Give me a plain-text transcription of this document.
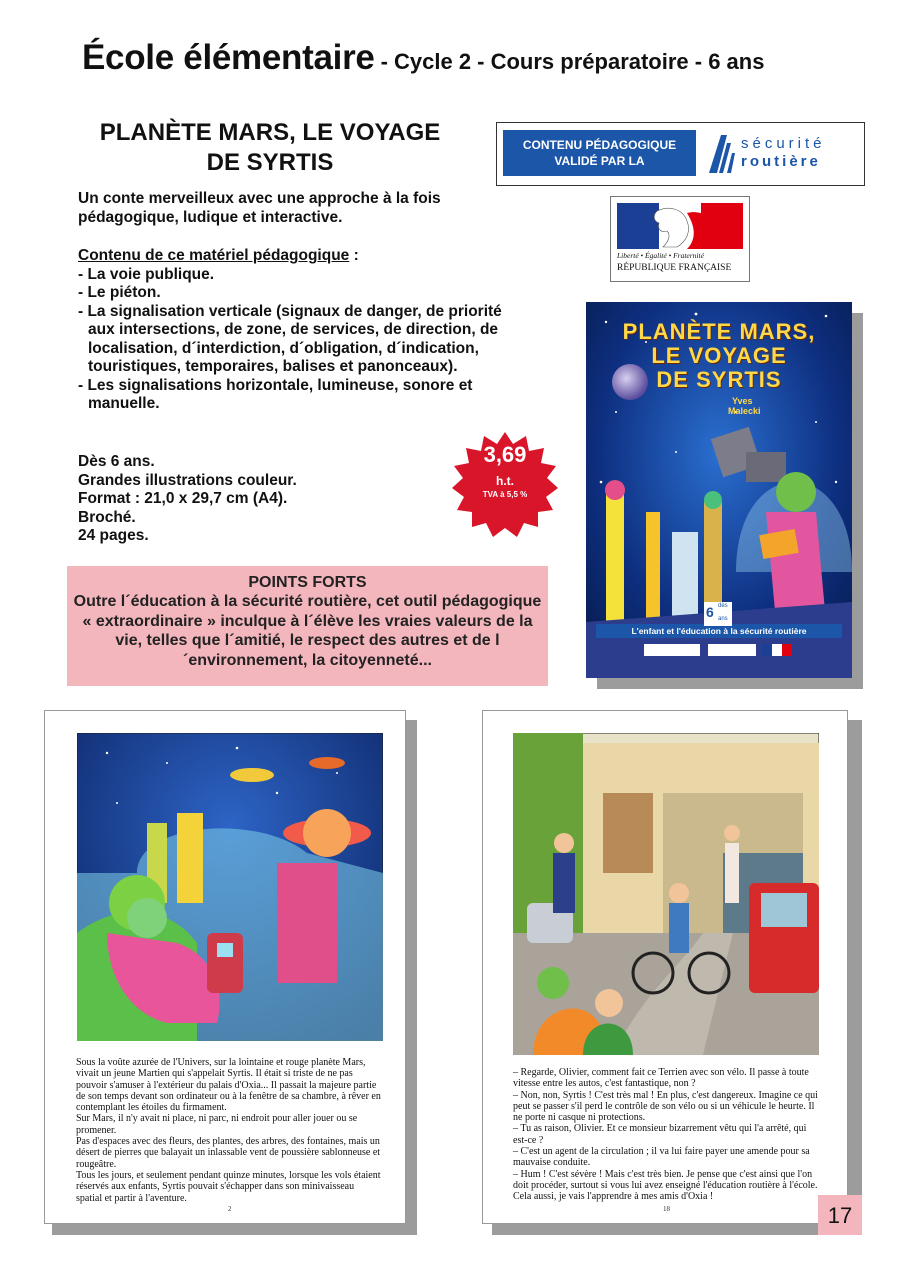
École élémentaire - Cycle 2 - Cours préparatoire - 6 ans
PLANÈTE MARS, LE VOYAGE
DE SYRTIS
Un conte merveilleux avec une approche à la fois
pédagogique, ludique et interactive.
Contenu de ce matériel pédagogique :
- La voie publique.
- Le piéton.
- La signalisation verticale (signaux de danger, de priorité aux intersections, de zone, de services, de direction, de localisation, d´interdiction, d´obligation, d´indication, touristiques, temporaires, balises et panonceaux).
- Les signalisations horizontale, lumineuse, sonore et manuelle.
Dès 6 ans.
Grandes illustrations couleur.
Format : 21,0 x 29,7 cm (A4).
Broché.
24 pages.
3,69
h.t.
TVA à 5,5 %
POINTS FORTS
Outre l´éducation à la sécurité routière, cet outil pédagogique « extraordinaire » inculque à l´élève les vraies valeurs de la vie, telles que l´amitié, le respect des autres et de l´environnement, la citoyenneté...
CONTENU PÉDAGOGIQUE
VALIDÉ PAR LA
sécurité
routière
Liberté • Égalité • Fraternité
RÉPUBLIQUE FRANÇAISE
PLANÈTE MARS,
LE VOYAGE
DE SYRTIS
Yves
Malecki
6 dès
ans
L'enfant et l'éducation à la sécurité routière

Sous la voûte azurée de l'Univers, sur la lointaine et rouge planète Mars, vivait un jeune Martien qui s'appelait Syrtis. Il était si triste de ne pas pouvoir s'amuser à l'extérieur du palais d'Oxia... Il passait la majeure partie de son temps devant son ordinateur ou à la fenêtre de sa chambre, à rêver en contemplant les étoiles du firmament.

Sur Mars, il n'y avait ni place, ni parc, ni endroit pour aller jouer ou se promener.

Pas d'espaces avec des fleurs, des plantes, des arbres, des fontaines, mais un désert de pierres que balayait un inlassable vent de poussière sablonneuse et rougeâtre.

Tous les jours, et seulement pendant quinze minutes, lorsque les vols étaient réservés aux enfants, Syrtis pouvait s'échapper dans son minivaisseau spatial et partir à l'aventure.

2

– Regarde, Olivier, comment fait ce Terrien avec son vélo. Il passe à toute vitesse entre les autos, c'est fantastique, non ?

– Non, non, Syrtis ! C'est très mal ! En plus, c'est dangereux. Imagine ce qui peut se passer s'il perd le contrôle de son vélo ou si un véhicule le heurte. Il ne porte ni casque ni protections.

– Tu as raison, Olivier. Et ce monsieur bizarrement vêtu qui l'a arrêté, qui est-ce ?

– C'est un agent de la circulation ; il va lui faire payer une amende pour sa mauvaise conduite.

– Hum ! C'est sévère ! Mais c'est très bien. Je pense que c'est ainsi que l'on doit procéder, surtout si vous lui avez enseigné l'éducation routière à l'école. Cela aussi, je vais l'apprendre à mes amis d'Oxia !

18	17
